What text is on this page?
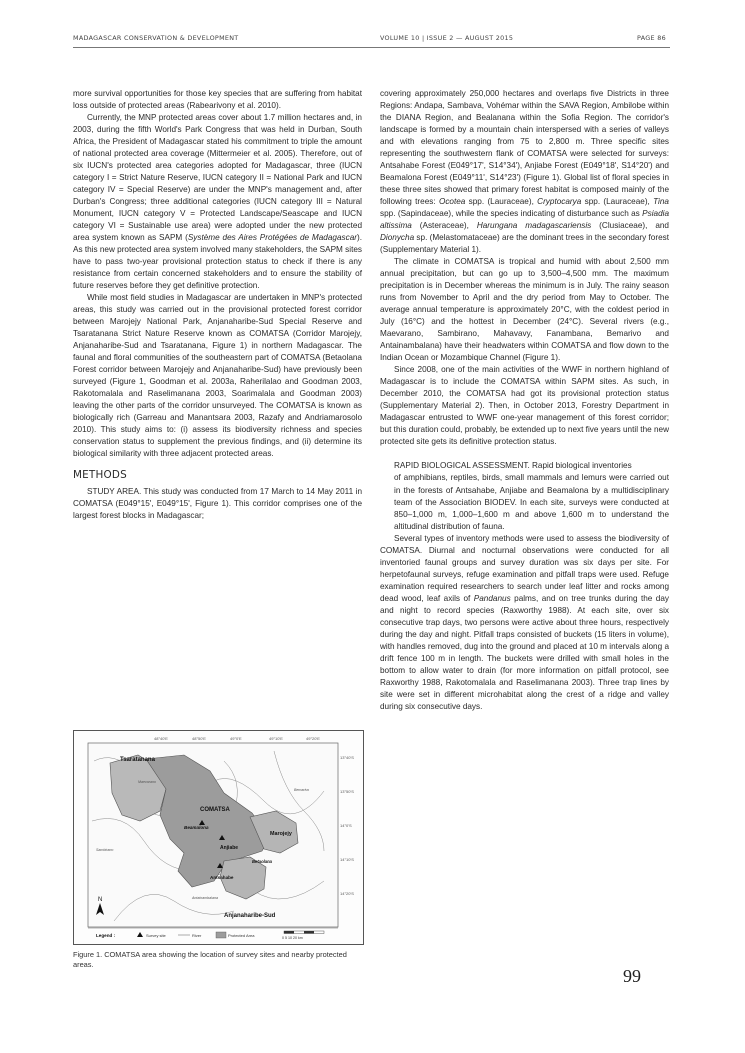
MADAGASCAR CONSERVATION & DEVELOPMENT	VOLUME 10 | ISSUE 2 — AUGUST 2015	PAGE 86

more survival opportunities for those key species that are suffering from habitat loss outside of protected areas (Rabearivony et al. 2010).

Currently, the MNP protected areas cover about 1.7 million hectares and, in 2003, during the fifth World's Park Congress that was held in Durban, South Africa, the President of Madagascar stated his commitment to triple the amount of national protected area coverage (Mittermeier et al. 2005). Therefore, out of six IUCN's protected area categories adopted for Madagascar, three (IUCN category I = Strict Nature Reserve, IUCN category II = National Park and IUCN category IV = Special Reserve) are under the MNP's management and, after Durban's Congress; three additional categories (IUCN category III = Natural Monument, IUCN category V = Protected Landscape/Seascape and IUCN category VI = Sustainable use area) were adopted under the new protected area system known as SAPM (Système des Aires Protégées de Madagascar). As this new protected area system involved many stakeholders, the SAPM sites have to pass two-year provisional protection status to check if there is any resistance from certain concerned stakeholders and to ensure the stability of future reserves before they get definitive protection.

While most field studies in Madagascar are undertaken in MNP's protected areas, this study was carried out in the provisional protected forest corridor between Marojejy National Park, Anjanaharibe-Sud Special Reserve and Tsaratanana Strict Nature Reserve known as COMATSA (Corridor Marojejy, Anjanaharibe-Sud and Tsaratanana, Figure 1) in northern Madagascar. The faunal and floral communities of the southeastern part of COMATSA (Betaolana Forest corridor between Marojejy and Anjanaharibe-Sud) have previously been surveyed (Figure 1, Goodman et al. 2003a, Raherilalao and Goodman 2003, Rakotomalala and Raselimanana 2003, Soarimalala and Goodman 2003) leaving the other parts of the corridor unsurveyed. The COMATSA is known as biologically rich (Garreau and Manantsara 2003, Razafy and Andriamarosolo 2010). This study aims to: (i) assess its biodiversity richness and species conservation status to supplement the previous findings, and (ii) determine its biological similarity with three adjacent protected areas.

METHODS

STUDY AREA. This study was conducted from 17 March to 14 May 2011 in COMATSA (E049°15', E049°15', Figure 1). This corridor comprises one of the largest forest blocks in Madagascar;

covering approximately 250,000 hectares and overlaps five Districts in three Regions: Andapa, Sambava, Vohémar within the SAVA Region, Ambilobe within the DIANA Region, and Bealanana within the Sofia Region. The corridor's landscape is formed by a mountain chain interspersed with a series of valleys and with elevations ranging from 75 to 2,800 m. Three specific sites representing the southwestern flank of COMATSA were selected for surveys: Antsahabe Forest (E049°17', S14°34'), Anjiabe Forest (E049°18', S14°20') and Beamalona Forest (E049°11', S14°23') (Figure 1). Global list of floral species in these three sites showed that primary forest habitat is composed mainly of the following trees: Ocotea spp. (Lauraceae), Cryptocarya spp. (Lauraceae), Tina spp. (Sapindaceae), while the species indicating of disturbance such as Psiadia altissima (Asteraceae), Harungana madagascariensis (Clusiaceae), and Dionycha sp. (Melastomataceae) are the dominant trees in the secondary forest (Supplementary Material 1).

The climate in COMATSA is tropical and humid with about 2,500 mm annual precipitation, but can go up to 3,500–4,500 mm. The maximum precipitation is in December whereas the minimum is in July. The rainy season runs from November to April and the dry period from May to October. The average annual temperature is approximately 20°C, with the coldest period in July (16°C) and the hottest in December (24°C). Several rivers (e.g., Maevarano, Sambirano, Mahavavy, Fanambana, Bemarivo and Antainambalana) have their headwaters within COMATSA and flow down to the Indian Ocean or Mozambique Channel (Figure 1).

Since 2008, one of the main activities of the WWF in northern highland of Madagascar is to include the COMATSA within SAPM sites. As such, in December 2010, the COMATSA had got its provisional protection status (Supplementary Material 2). Then, in October 2013, Forestry Department in Madagascar entrusted to WWF one-year management of this forest corridor; but this duration could, probably, be extended up to next five years until the new protected site gets its definitive protection status.

RAPID BIOLOGICAL ASSESSMENT. Rapid biological inventories

of amphibians, reptiles, birds, small mammals and lemurs were carried out in the forests of Antsahabe, Anjiabe and Beamalona by a multidisciplinary team of the Association BIODEV. In each site, surveys were conducted at 850–1,000 m, 1,000–1,600 m and above 1,600 m to understand the altitudinal distribution of fauna.

Several types of inventory methods were used to assess the biodiversity of COMATSA. Diurnal and nocturnal observations were conducted for all inventoried faunal groups and survey duration was six days per site. For herpetofaunal surveys, refuge examination and pitfall traps were used. Refuge examination required researchers to search under leaf litter and rocks among dead wood, leaf axils of Pandanus palms, and on tree trunks during the day and night to record species (Raxworthy 1988). At each site, over six consecutive trap days, two persons were active about three hours, respectively during the day and night. Pitfall traps consisted of buckets (15 liters in volume), with handles removed, dug into the ground and placed at 10 m intervals along a drift fence 100 m in length. The buckets were drilled with small holes in the bottom to allow water to drain (for more information on pitfall protocol, see Raxworthy 1988, Rakotomalala and Raselimanana 2003). Three trap lines by site were set in different microhabitat along the crest of a ridge and valley during six consecutive days.

48°40'E	48°50'E	49°0'E	49°10'E	49°20'E
13°40'S
13°50'S
14°0'S
14°10'S
14°20'S
Tsaratanana
COMATSA
Beamalona
Anjiabe
Marojejy
Betaolana
Antsahabe
Anjanaharibe-Sud
Maevarano
Sambirano
Bemarivo
Antainambalana
N
Legend :	Survey site	River	Protected Area	0 5 10 20 km
Figure 1. COMATSA area showing the location of survey sites and nearby protected areas.
99
